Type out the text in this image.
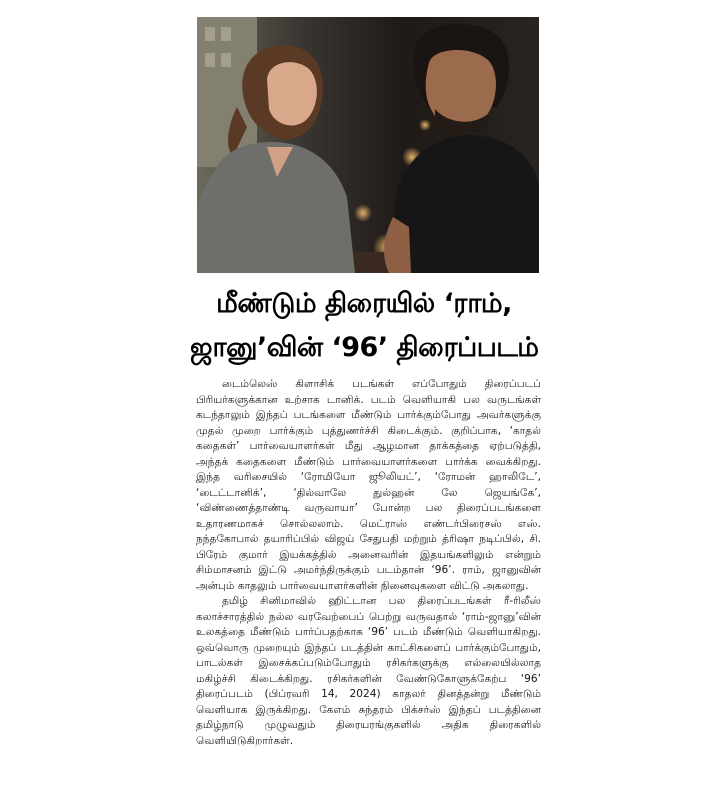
மீண்டும் திரையில் ‘ராம்,
ஜானு’வின் ‘96’ திரைப்படம்

டைம்லெஸ் கிளாசிக் படங்கள் எப்போதும் திரைப்படப் பிரியர்களுக்கான உற்சாக டானிக். படம் வெளியாகி பல வருடங்கள் கடந்தாலும் இந்தப் படங்களை மீண்டும் பார்க்கும்போது அவர்களுக்கு முதல் முறை பார்க்கும் புத்துணர்ச்சி கிடைக்கும். குறிப்பாக, ‘காதல் கதைகள்’ பார்வையாளர்கள் மீது ஆழமான தாக்கத்தை ஏற்படுத்தி, அந்தக் கதைகளை மீண்டும் பார்வையாளர்களை பார்க்க வைக்கிறது. இந்த வரிசையில் ‘ரோமியோ ஜூலியட்’, ‘ரோமன் ஹாலிடே’, ‘டைட்டானிக்’, ‘தில்வாலே துல்ஹன் லே ஜெயங்கே’, ‘விண்ணைத்தாண்டி வருவாயா’ போன்ற பல திரைப்படங்களை உதாரணமாகச் சொல்லலாம். மெட்ராஸ் எண்டர்பிரைசஸ் எஸ். நந்தகோபால் தயாரிப்பில் விஜய் சேதுபதி மற்றும் த்ரிஷா நடிப்பில், சி. பிரேம் குமார் இயக்கத்தில் அனைவரின் இதயங்களிலும் என்றும் சிம்மாசனம் இட்டு அமர்ந்திருக்கும் படம்தான் ‘96’. ராம், ஜானுவின் அன்பும் காதலும் பார்வையாளர்களின் நினைவுகளை விட்டு அகலாது.

தமிழ் சினிமாவில் ஹிட்டான பல திரைப்படங்கள் ரீ-ரிலீஸ் கலாச்சாரத்தில் நல்ல வரவேற்பைப் பெற்று வருவதால் ‘ராம்-ஜானு’வின் உலகத்தை மீண்டும் பார்ப்பதற்காக ‘96’ படம் மீண்டும் வெளியாகிறது. ஒவ்வொரு முறையும் இந்தப் படத்தின் காட்சிகளைப் பார்க்கும்போதும், பாடல்கள் இசைக்கப்படும்போதும் ரசிகர்களுக்கு எல்லையில்லாத மகிழ்ச்சி கிடைக்கிறது. ரசிகர்களின் வேண்டுகோளுக்கேற்ப ‘96’ திரைப்படம் (பிப்ரவரி 14, 2024) காதலர் தினத்தன்று மீண்டும் வெளியாக இருக்கிறது. கேஎம் சுந்தரம் பிக்சர்ஸ் இந்தப் படத்தினை தமிழ்நாடு முழுவதும் திரையரங்குகளில் அதிக திரைகளில் வெளியிடுகிறார்கள்.
